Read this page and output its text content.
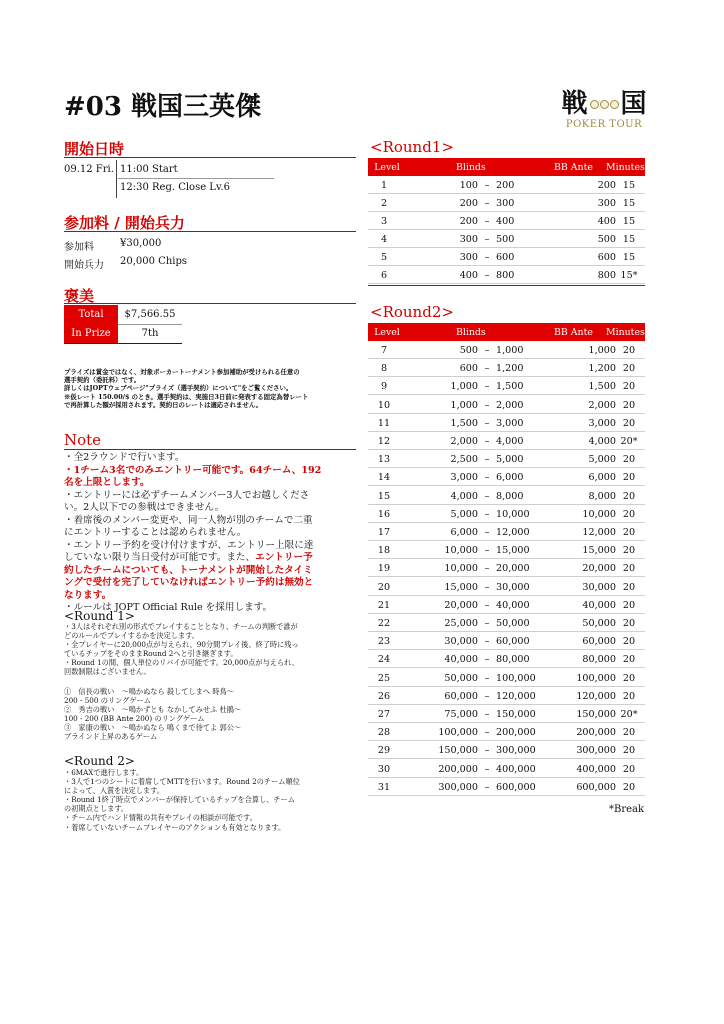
#03 戦国三英傑	戦 国
POKER TOUR
開始日時
09.12 Fri. 11:00 Start
12:30 Reg. Close Lv.6
参加料 / 開始兵力
参加料	¥30,000
開始兵力 20,000 Chips
褒美
Total	$7,566.55
In Prize	7th
プライズは賞金ではなく、対象ポーカートーナメント参加補助が受けられる任意の
選手契約（委託料）です。
詳しくはJOPTウェブページ"プライズ（選手契約）について"をご覧ください。
※仮レート 150.00/$ のとき。選手契約は、実施日3日前に発表する固定為替レート
で再計算した額が採用されます。契約日のレートは適応されません。
Note
・全2ラウンドで行います。
・1チーム3名でのみエントリー可能です。64チーム、192
名を上限とします。
・エントリーには必ずチームメンバー3人でお越しくださ
い。2人以下での参戦はできません。
・着席後のメンバー変更や、同一人物が別のチームで二重
にエントリーすることは認められません。
・エントリー予約を受け付けますが、エントリー上限に達
していない限り当日受付が可能です。また、エントリー予
約したチームについても、トーナメントが開始したタイミ
ングで受付を完了していなければエントリー予約は無効と
なります。
・ルールは JOPT Official Rule を採用します。
<Round 1>
・3人はそれぞれ別の形式でプレイすることとなり、チームの判断で誰が
どのルールでプレイするかを決定します。
・全プレイヤーに20,000点が与えられ、90分間プレイ後、終了時に残っ
ているチップをそのままRound 2へと引き継ぎます。
・Round 1の間、個人単位のリバイが可能です。20,000点が与えられ、
回数制限はございません。
①　信長の戦い　～鳴かぬなら 殺してしまへ 時鳥～
200 - 500 のリングゲーム
②　秀吉の戦い　～鳴かずとも なかしてみせふ 杜鵑～
100 - 200 (BB Ante 200) のリングゲーム
③　家康の戦い　～鳴かぬなら 鳴くまで待てよ 郭公～
ブラインド上昇のあるゲーム
<Round 2>
・6MAXで進行します。
・3人で1つのシートに着席してMTTを行います。Round 2のチーム順位
によって、入賞を決定します。
・Round 1終了時点でメンバーが保持しているチップを合算し、チーム
の初期点とします。
・チーム内でハンド情報の共有やプレイの相談が可能です。
・着席していないチームプレイヤーのアクションも有効となります。
<Round1>
Level	Blinds	BB Ante Minutes
1	100 – 200	200 15
2	200 – 300	300 15
3	200 – 400	400 15
4	300 – 500	500 15
5	300 – 600	600 15
6	400 – 800	800 15*
<Round2>
Level	Blinds	BB Ante Minutes
7	500 – 1,000	1,000 20
8	600 – 1,200	1,200 20
9	1,000 – 1,500	1,500 20
10	1,000 – 2,000	2,000 20
11	1,500 – 3,000	3,000 20
12	2,000 – 4,000	4,000 20*
13	2,500 – 5,000	5,000 20
14	3,000 – 6,000	6,000 20
15	4,000 – 8,000	8,000 20
16	5,000 – 10,000	10,000 20
17	6,000 – 12,000	12,000 20
18	10,000 – 15,000	15,000 20
19	10,000 – 20,000	20,000 20
20	15,000 – 30,000	30,000 20
21	20,000 – 40,000	40,000 20
22	25,000 – 50,000	50,000 20
23	30,000 – 60,000	60,000 20
24	40,000 – 80,000	80,000 20
25	50,000 – 100,000	100,000 20
26	60,000 – 120,000	120,000 20
27	75,000 – 150,000	150,000 20*
28	100,000 – 200,000	200,000 20
29	150,000 – 300,000	300,000 20
30	200,000 – 400,000	400,000 20
31	300,000 – 600,000	600,000 20
*Break
